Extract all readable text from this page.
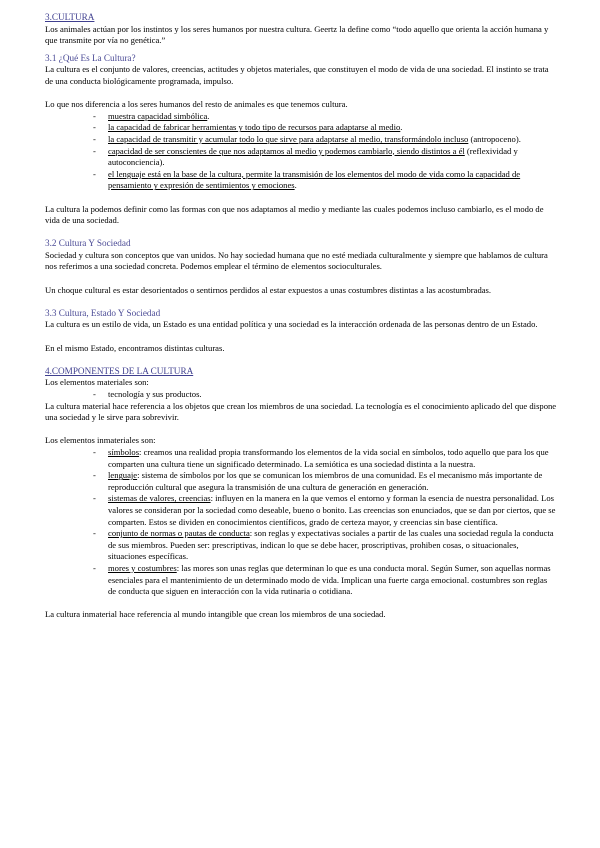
3.CULTURA

Los animales actúan por los instintos y los seres humanos por nuestra cultura. Geertz la define como “todo aquello que orienta la acción humana y que transmite por vía no genética.”

3.1 ¿Qué Es La Cultura?

La cultura es el conjunto de valores, creencias, actitudes y objetos materiales, que constituyen el modo de vida de una sociedad. El instinto se trata de una conducta biológicamente programada, impulso.

Lo que nos diferencia a los seres humanos del resto de animales es que tenemos cultura.

- muestra capacidad simbólica.
- la capacidad de fabricar herramientas y todo tipo de recursos para adaptarse al medio.
- la capacidad de transmitir y acumular todo lo que sirve para adaptarse al medio, transformándolo incluso (antropoceno).
- capacidad de ser conscientes de que nos adaptamos al medio y podemos cambiarlo, siendo distintos a él (reflexividad y autoconciencia).
- el lenguaje está en la base de la cultura, permite la transmisión de los elementos del modo de vida como la capacidad de pensamiento y expresión de sentimientos y emociones.

La cultura la podemos definir como las formas con que nos adaptamos al medio y mediante las cuales podemos incluso cambiarlo, es el modo de vida de una sociedad.

3.2 Cultura Y Sociedad

Sociedad y cultura son conceptos que van unidos. No hay sociedad humana que no esté mediada culturalmente y siempre que hablamos de cultura nos referimos a una sociedad concreta. Podemos emplear el término de elementos socioculturales.

Un choque cultural es estar desorientados o sentirnos perdidos al estar expuestos a unas costumbres distintas a las acostumbradas.

3.3 Cultura, Estado Y Sociedad

La cultura es un estilo de vida, un Estado es una entidad política y una sociedad es la interacción ordenada de las personas dentro de un Estado.

En el mismo Estado, encontramos distintas culturas.

4.COMPONENTES DE LA CULTURA

Los elementos materiales son:

- tecnología y sus productos.

La cultura material hace referencia a los objetos que crean los miembros de una sociedad. La tecnología es el conocimiento aplicado del que dispone una sociedad y le sirve para sobrevivir.

Los elementos inmateriales son:

- símbolos: creamos una realidad propia transformando los elementos de la vida social en símbolos, todo aquello que para los que comparten una cultura tiene un significado determinado. La semiótica es una sociedad distinta a la nuestra.
- lenguaje: sistema de símbolos por los que se comunican los miembros de una comunidad. Es el mecanismo más importante de reproducción cultural que asegura la transmisión de una cultura de generación en generación.
- sistemas de valores, creencias: influyen en la manera en la que vemos el entorno y forman la esencia de nuestra personalidad. Los valores se consideran por la sociedad como deseable, bueno o bonito. Las creencias son enunciados, que se dan por ciertos, que se comparten. Estos se dividen en conocimientos científicos, grado de certeza mayor, y creencias sin base científica.
- conjunto de normas o pautas de conducta: son reglas y expectativas sociales a partir de las cuales una sociedad regula la conducta de sus miembros. Pueden ser: prescriptivas, indican lo que se debe hacer, proscriptivas, prohiben cosas, o situacionales, situaciones específicas.
- mores y costumbres: las mores son unas reglas que determinan lo que es una conducta moral. Según Sumer, son aquellas normas esenciales para el mantenimiento de un determinado modo de vida. Implican una fuerte carga emocional. costumbres son reglas de conducta que siguen en interacción con la vida rutinaria o cotidiana.

La cultura inmaterial hace referencia al mundo intangible que crean los miembros de una sociedad.
